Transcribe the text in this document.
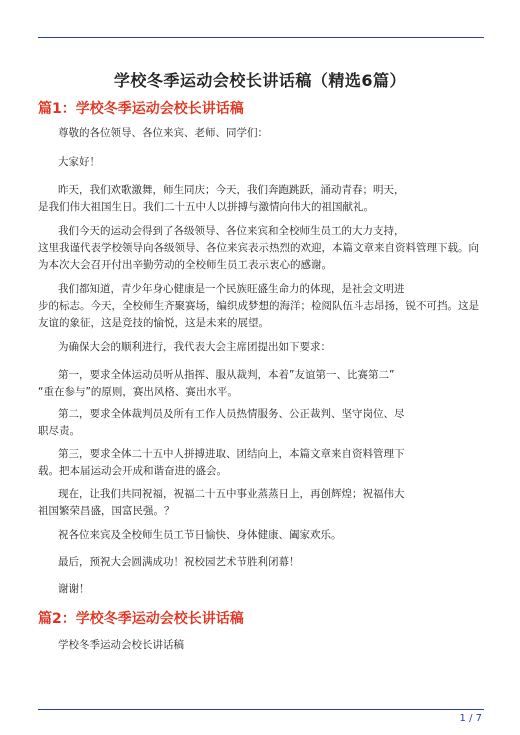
学校冬季运动会校长讲话稿（精选6篇）
篇1：学校冬季运动会校长讲话稿
尊敬的各位领导、各位来宾、老师、同学们：
大家好！
昨天，我们欢歌激舞，师生同庆；今天，我们奔跑跳跃，涌动青春；明天，
是我们伟大祖国生日。我们二十五中人以拼搏与激情向伟大的祖国献礼。
我们今天的运动会得到了各级领导、各位来宾和全校师生员工的大力支持，
这里我谨代表学校领导向各级领导、各位来宾表示热烈的欢迎，本篇文章来自资料管理下载。向
为本次大会召开付出辛勤劳动的全校师生员工表示衷心的感谢。
我们都知道，青少年身心健康是一个民族旺盛生命力的体现，是社会文明进
步的标志。今天，全校师生齐聚赛场，编织成梦想的海洋；检阅队伍斗志昂扬，锐不可挡。这是
友谊的象征，这是竞技的愉悦，这是未来的展望。
为确保大会的顺利进行，我代表大会主席团提出如下要求：
第一，要求全体运动员听从指挥、服从裁判，本着”友谊第一、比赛第二”
“重在参与”的原则，赛出风格、赛出水平。
第二，要求全体裁判员及所有工作人员热情服务、公正裁判、坚守岗位、尽
职尽责。
第三，要求全体二十五中人拼搏进取、团结向上，本篇文章来自资料管理下
载。把本届运动会开成和谐奋进的盛会。
现在，让我们共同祝福，祝福二十五中事业蒸蒸日上，再创辉煌；祝福伟大
祖国繁荣昌盛，国富民强。？
祝各位来宾及全校师生员工节日愉快、身体健康、阖家欢乐。
最后，预祝大会圆满成功！祝校园艺术节胜利闭幕！
谢谢！
篇2：学校冬季运动会校长讲话稿
学校冬季运动会校长讲话稿
1 / 7
